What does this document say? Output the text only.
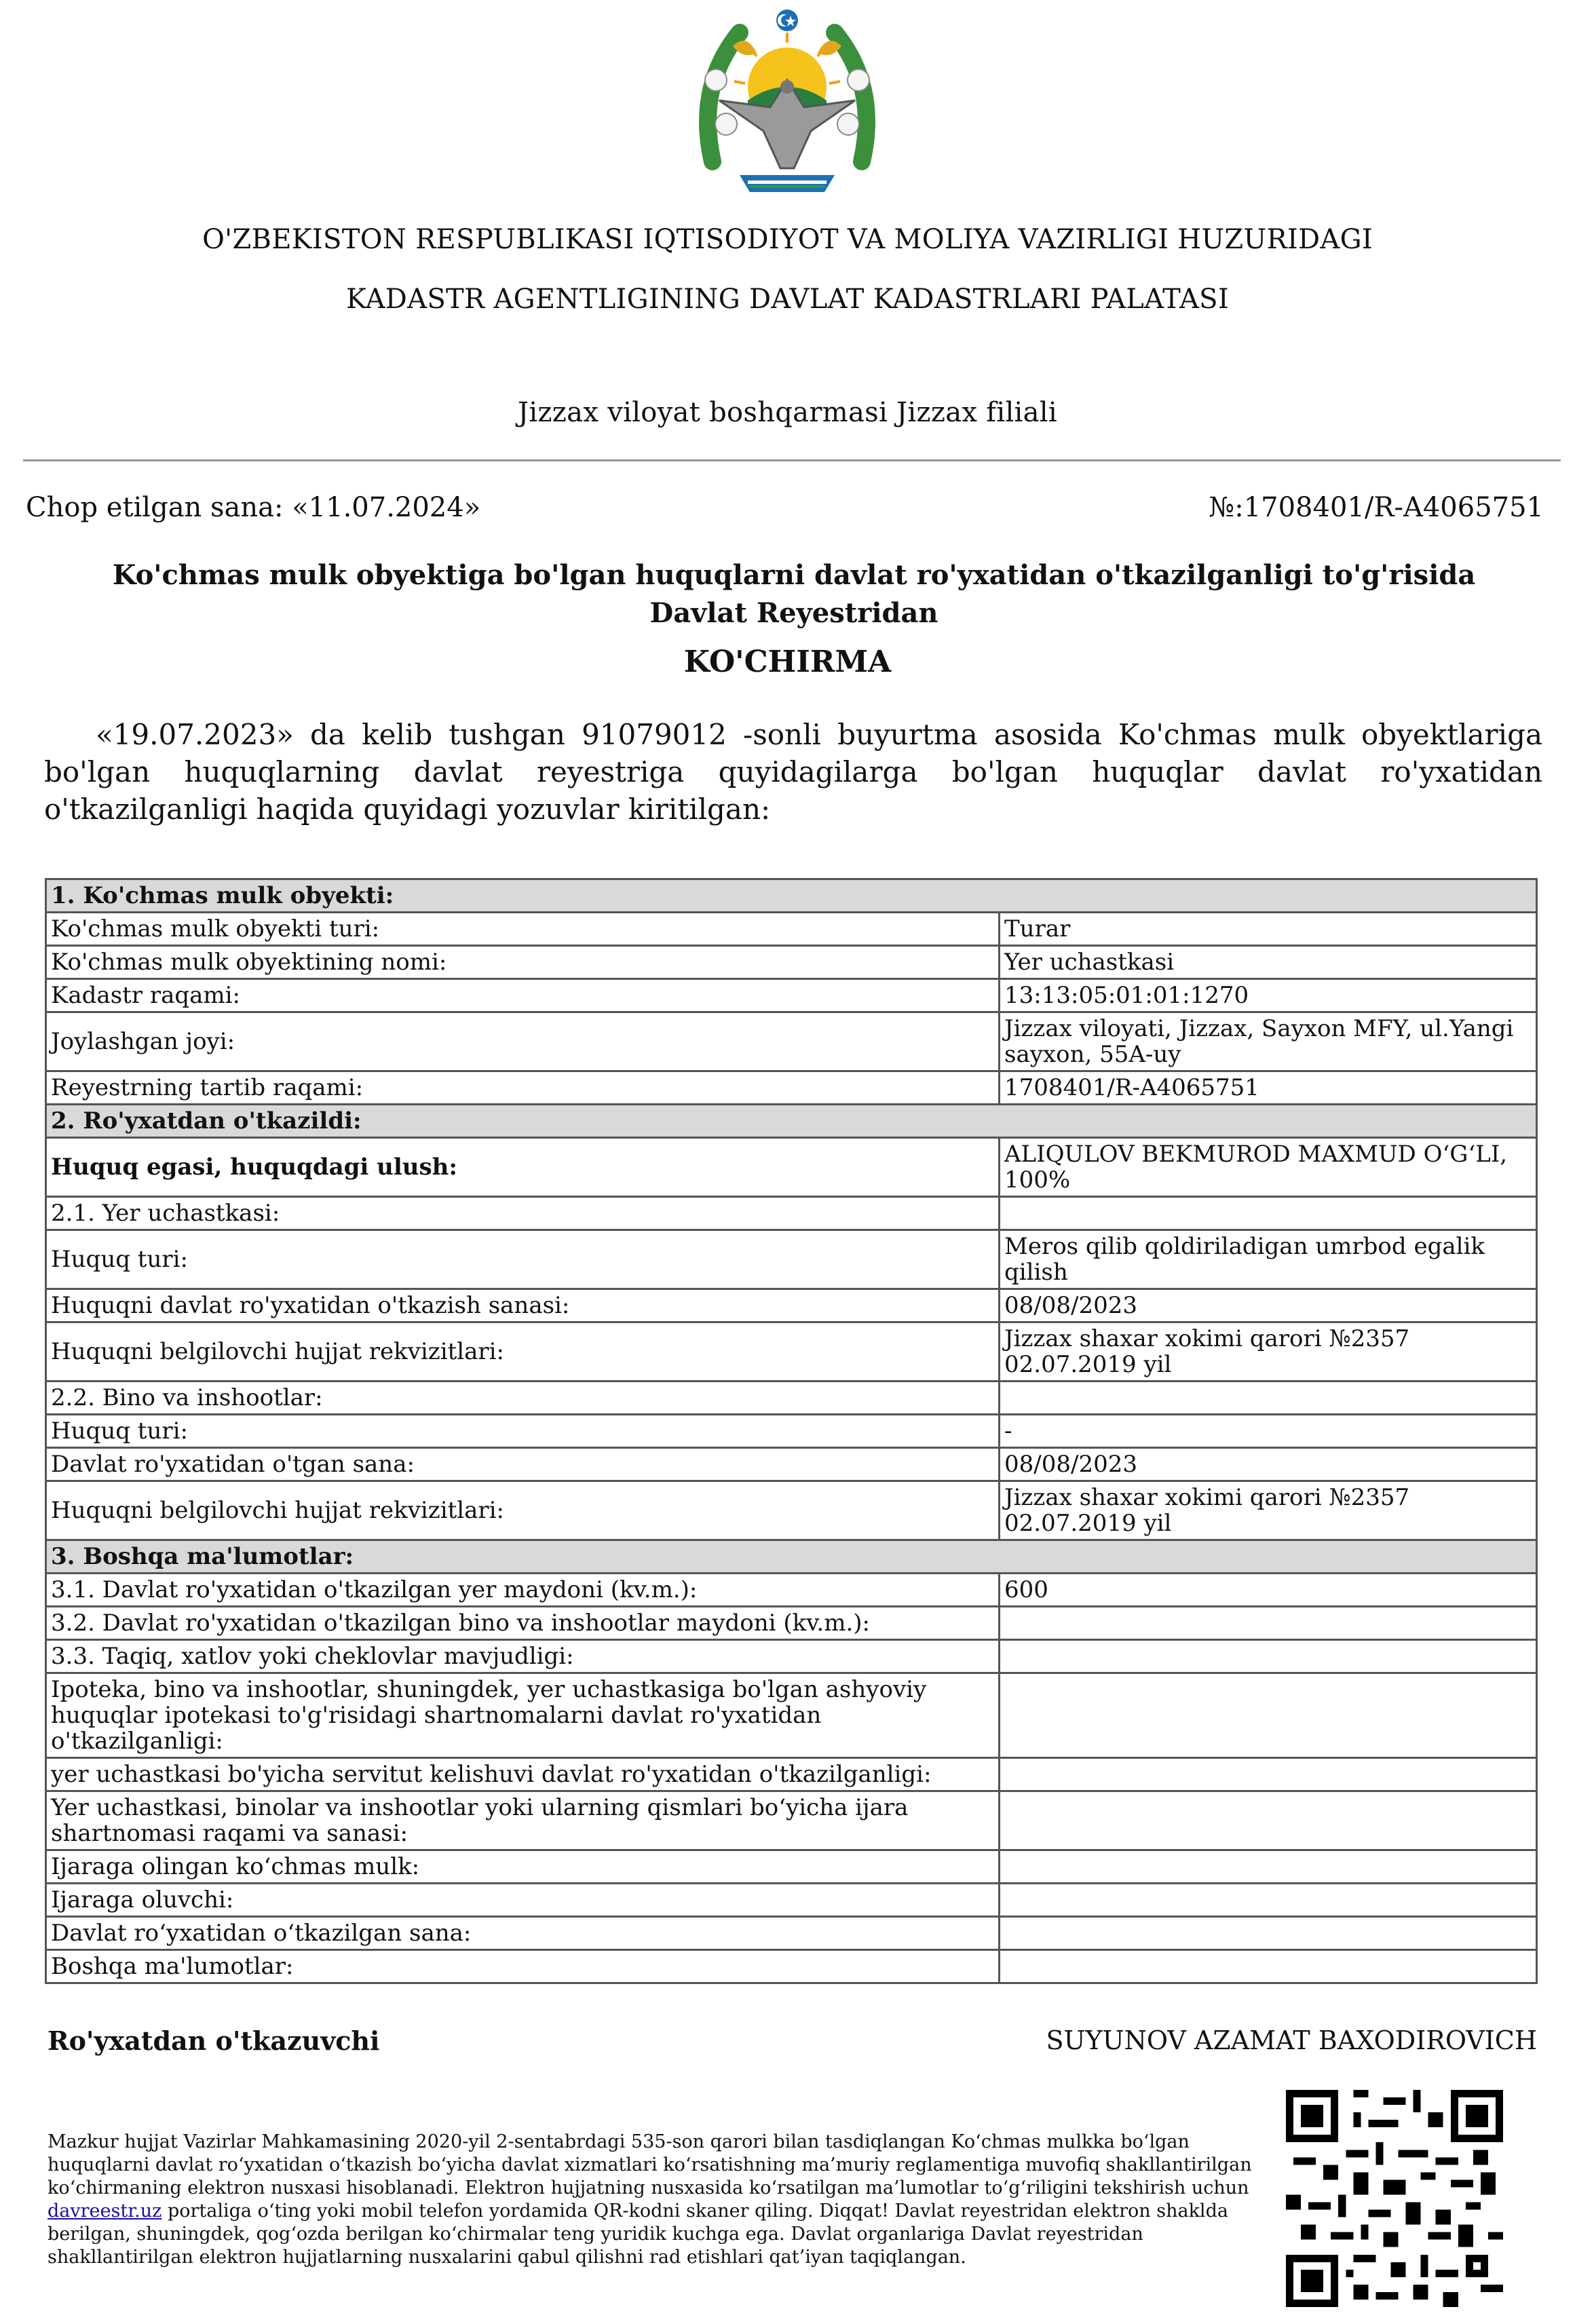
O'ZBEKISTON RESPUBLIKASI IQTISODIYOT VA MOLIYA VAZIRLIGI HUZURIDAGI
KADASTR AGENTLIGINING DAVLAT KADASTRLARI PALATASI
Jizzax viloyat boshqarmasi Jizzax filiali
Chop etilgan sana: «11.07.2024»	№:1708401/R-A4065751
Ko'chmas mulk obyektiga bo'lgan huquqlarni davlat ro'yxatidan o'tkazilganligi to'g'risida Davlat Reyestridan
KO'CHIRMA
«19.07.2023» da kelib tushgan 91079012 -sonli buyurtma asosida Ko'chmas mulk obyektlariga bo'lgan huquqlarning davlat reyestriga quyidagilarga bo'lgan huquqlar davlat ro'yxatidan o'tkazilganligi haqida quyidagi yozuvlar kiritilgan:
1. Ko'chmas mulk obyekti:	
Ko'chmas mulk obyekti turi:	Turar
Ko'chmas mulk obyektining nomi:	Yer uchastkasi
Kadastr raqami:	13:13:05:01:01:1270
Joylashgan joyi:	Jizzax viloyati, Jizzax, Sayxon MFY, ul.Yangi sayxon, 55A-uy
Reyestrning tartib raqami:	1708401/R-A4065751
2. Ro'yxatdan o'tkazildi:	
Huquq egasi, huquqdagi ulush:	ALIQULOV BEKMUROD MAXMUD O‘G‘LI, 100%
2.1. Yer uchastkasi:	
Huquq turi:	Meros qilib qoldiriladigan umrbod egalik qilish
Huquqni davlat ro'yxatidan o'tkazish sanasi:	08/08/2023
Huquqni belgilovchi hujjat rekvizitlari:	Jizzax shaxar xokimi qarori №2357 02.07.2019 yil
2.2. Bino va inshootlar:	
Huquq turi:	-
Davlat ro'yxatidan o'tgan sana:	08/08/2023
Huquqni belgilovchi hujjat rekvizitlari:	Jizzax shaxar xokimi qarori №2357 02.07.2019 yil
3. Boshqa ma'lumotlar:	
3.1. Davlat ro'yxatidan o'tkazilgan yer maydoni (kv.m.):	600
3.2. Davlat ro'yxatidan o'tkazilgan bino va inshootlar maydoni (kv.m.):	
3.3. Taqiq, xatlov yoki cheklovlar mavjudligi:	
Ipoteka, bino va inshootlar, shuningdek, yer uchastkasiga bo'lgan ashyoviy huquqlar ipotekasi to'g'risidagi shartnomalarni davlat ro'yxatidan o'tkazilganligi:	
yer uchastkasi bo'yicha servitut kelishuvi davlat ro'yxatidan o'tkazilganligi:	
Yer uchastkasi, binolar va inshootlar yoki ularning qismlari bo‘yicha ijara shartnomasi raqami va sanasi:	
Ijaraga olingan ko‘chmas mulk:	
Ijaraga oluvchi:	
Davlat ro‘yxatidan o‘tkazilgan sana:	
Boshqa ma'lumotlar:	
Ro'yxatdan o'tkazuvchi	SUYUNOV AZAMAT BAXODIROVICH
Mazkur hujjat Vazirlar Mahkamasining 2020-yil 2-sentabrdagi 535-son qarori bilan tasdiqlangan Ko‘chmas mulkka bo‘lgan huquqlarni davlat ro‘yxatidan o‘tkazish bo‘yicha davlat xizmatlari ko‘rsatishning ma’muriy reglamentiga muvofiq shakllantirilgan ko‘chirmaning elektron nusxasi hisoblanadi. Elektron hujjatning nusxasida ko‘rsatilgan ma’lumotlar to‘g‘riligini tekshirish uchun davreestr.uz portaliga o‘ting yoki mobil telefon yordamida QR-kodni skaner qiling. Diqqat! Davlat reyestridan elektron shaklda berilgan, shuningdek, qog‘ozda berilgan ko‘chirmalar teng yuridik kuchga ega. Davlat organlariga Davlat reyestridan shakllantirilgan elektron hujjatlarning nusxalarini qabul qilishni rad etishlari qat’iyan taqiqlangan.
